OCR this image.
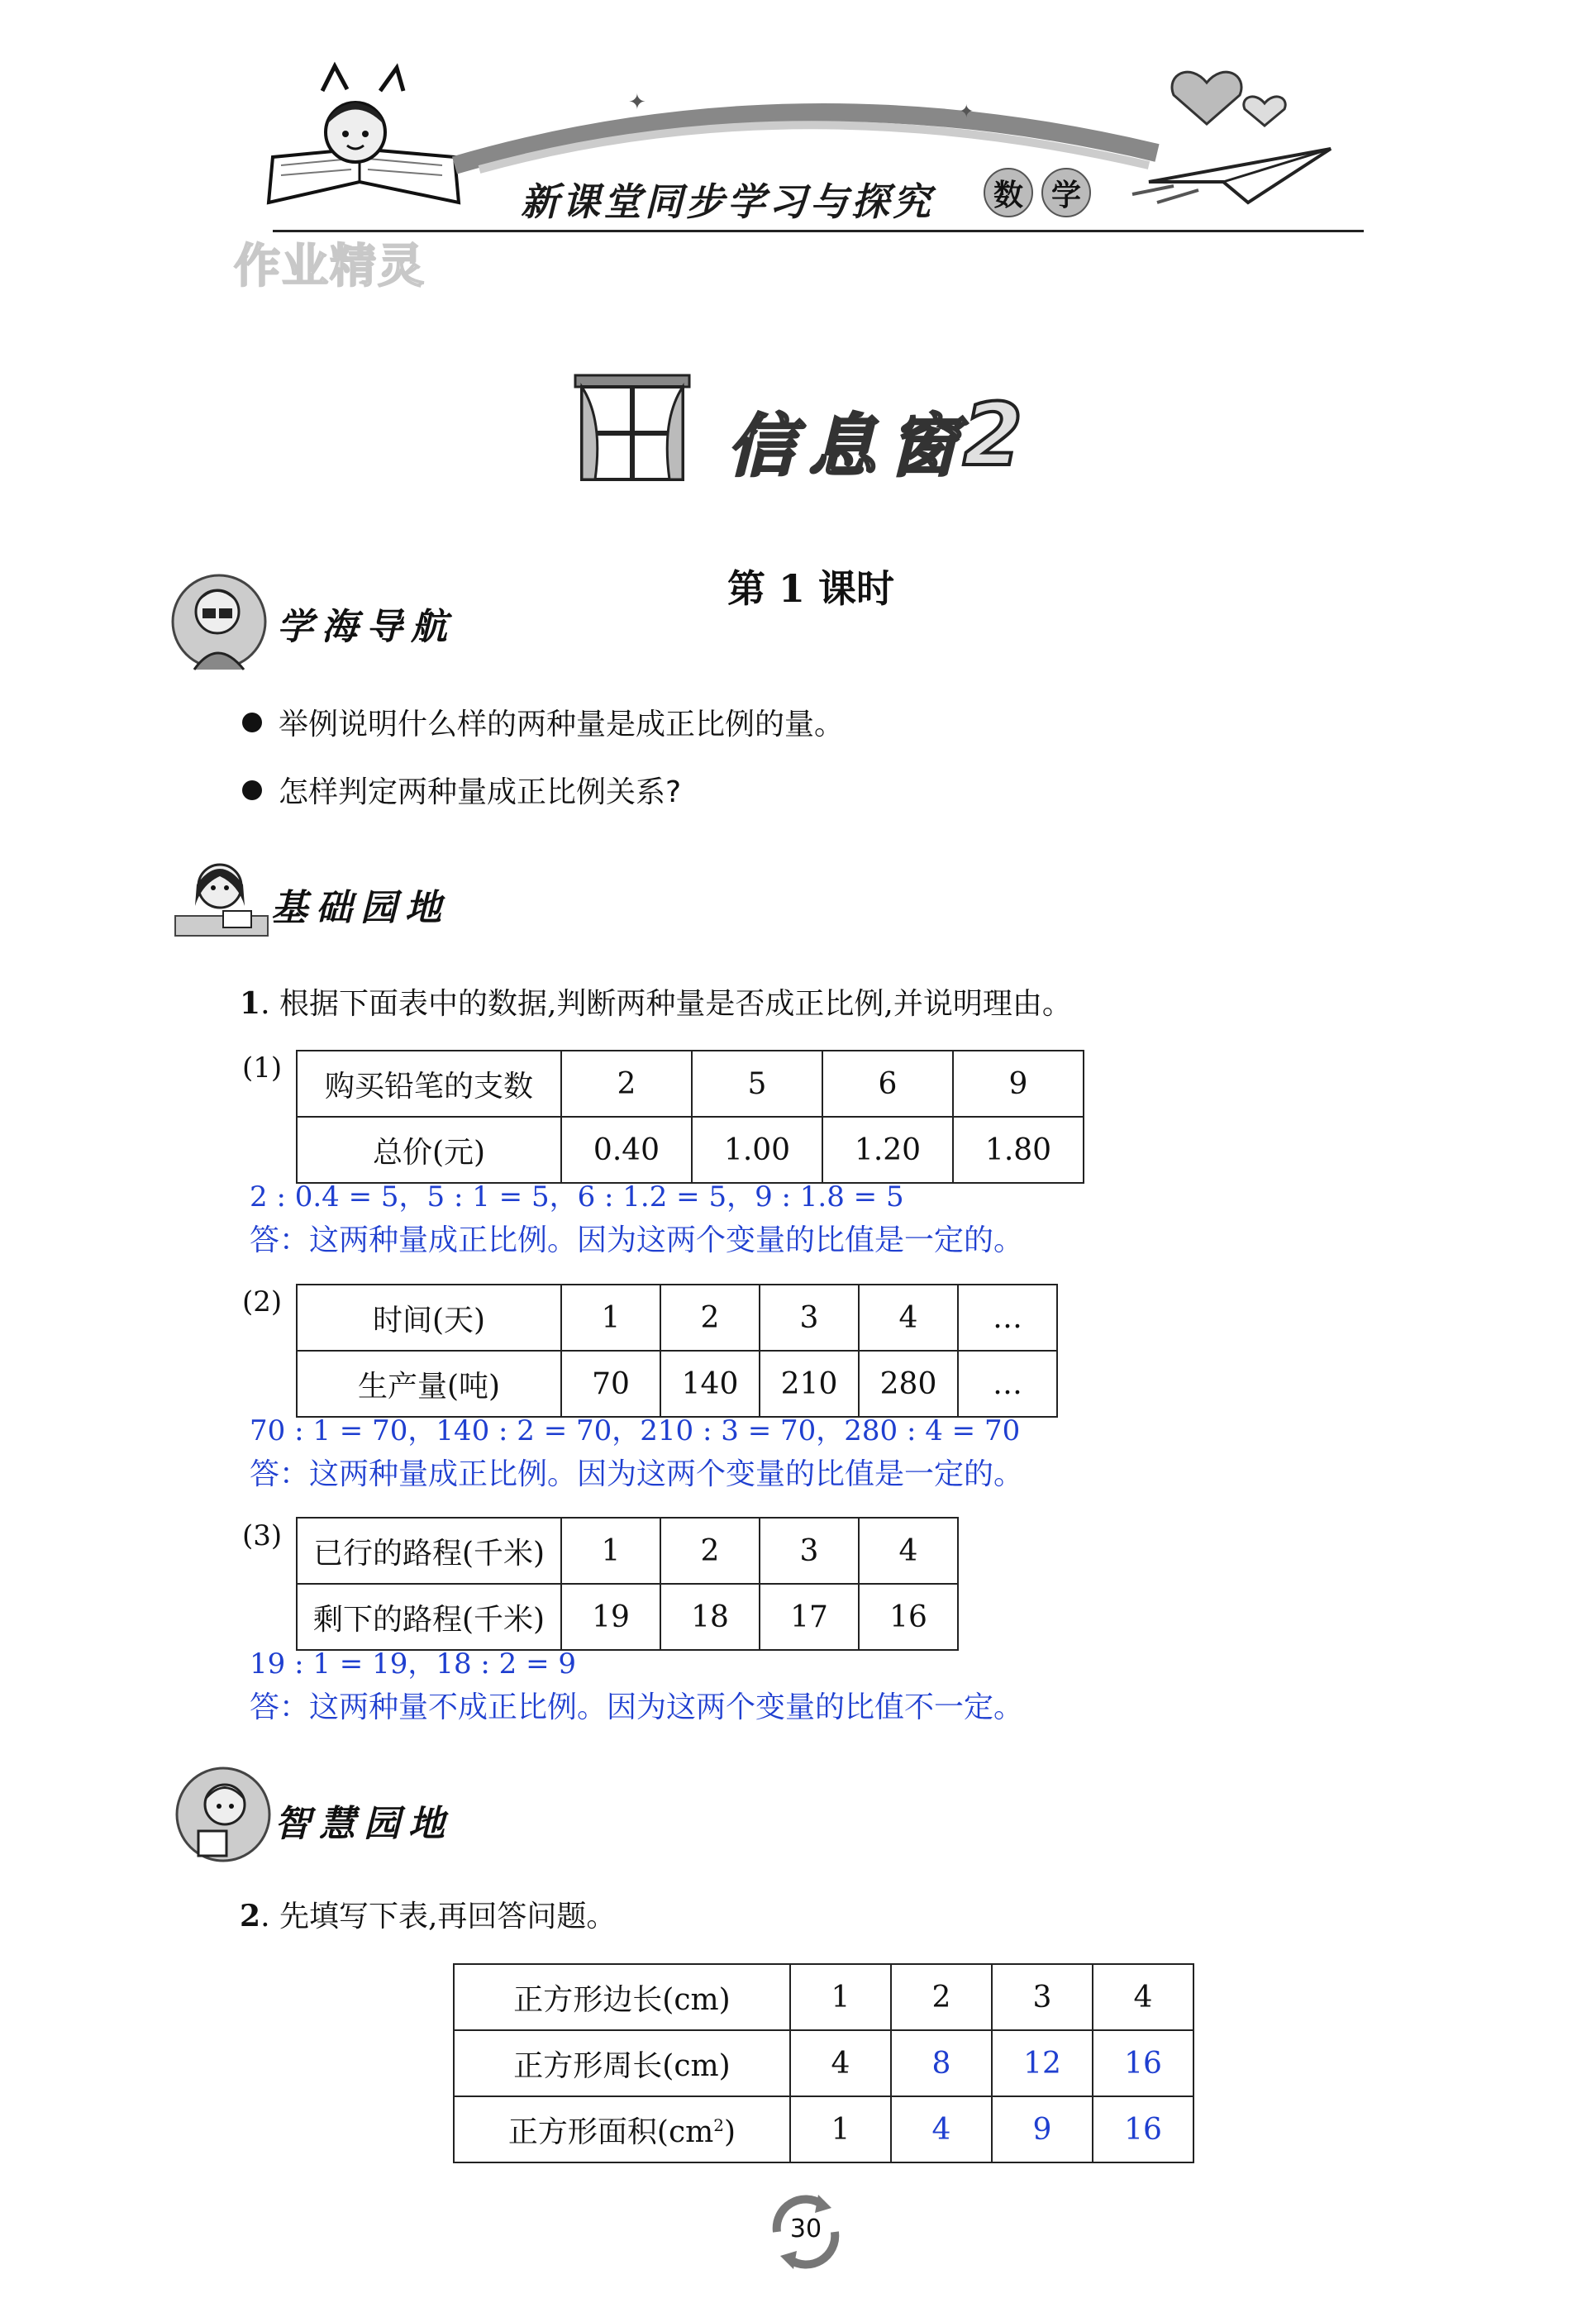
✦	✦
新课堂同步学习与探究	数 学
作业精灵
信息窗
2
第 1 课时
学海导航
举例说明什么样的两种量是成正比例的量。
怎样判定两种量成正比例关系?
基础园地
1. 根据下面表中的数据,判断两种量是否成正比例,并说明理由。
(1)
购买铅笔的支数	2	5	6	9
总价(元)	0.40	1.00	1.20	1.80
2 : 0.4 = 5，5 : 1 = 5，6 : 1.2 = 5，9 : 1.8 = 5
答：这两种量成正比例。因为这两个变量的比值是一定的。
(2)
时间(天)	1	2	3	4	…
生产量(吨)	70	140	210	280	…
70 : 1 = 70，140 : 2 = 70，210 : 3 = 70，280 : 4 = 70
答：这两种量成正比例。因为这两个变量的比值是一定的。
(3)
已行的路程(千米)	1	2	3	4
剩下的路程(千米)	19	18	17	16
19 : 1 = 19，18 : 2 = 9
答：这两种量不成正比例。因为这两个变量的比值不一定。
智慧园地
2. 先填写下表,再回答问题。
正方形边长(cm)	1	2	3	4
正方形周长(cm)	4	8	12	16
正方形面积$(cm^2)$	1	4	9	16
30
